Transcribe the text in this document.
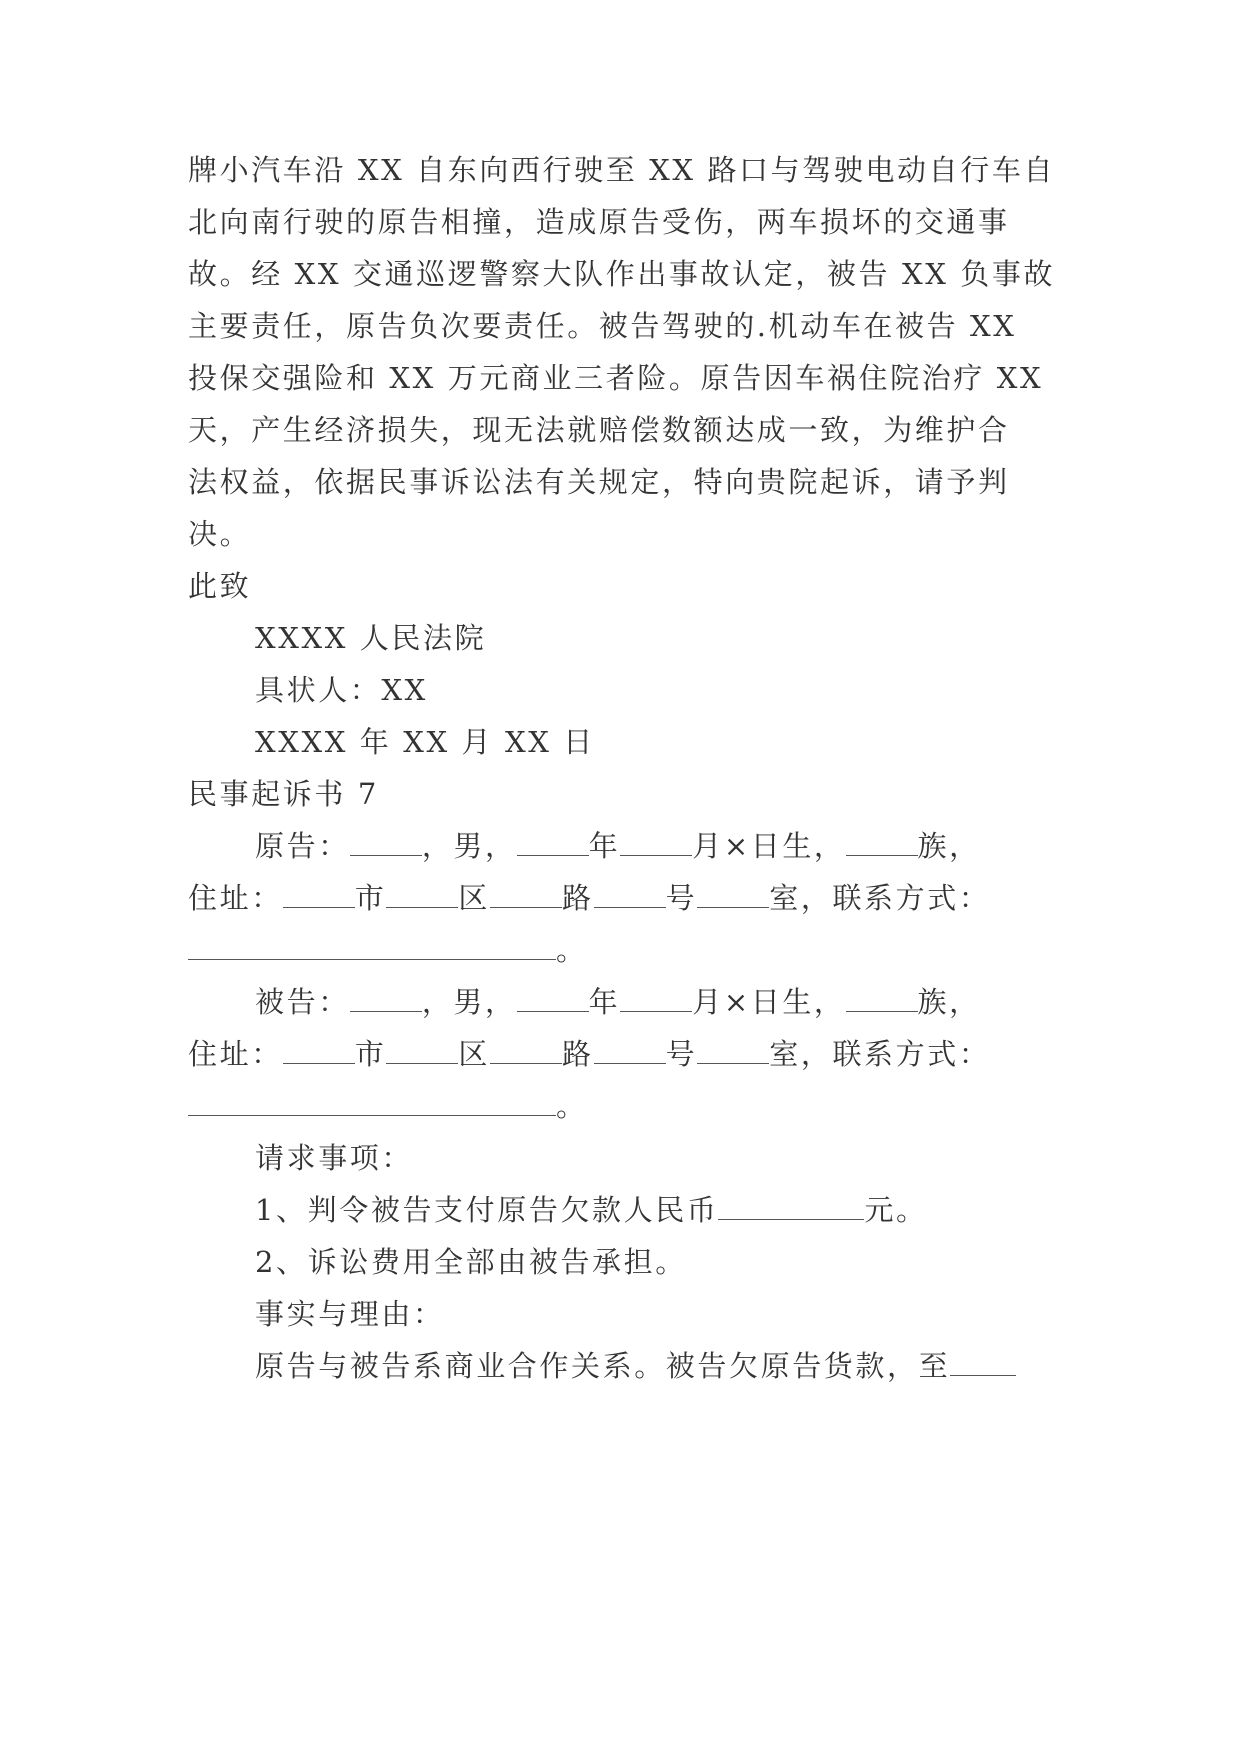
牌小汽车沿 XX 自东向西行驶至 XX 路口与驾驶电动自行车自
北向南行驶的原告相撞，造成原告受伤，两车损坏的交通事
故。经 XX 交通巡逻警察大队作出事故认定，被告 XX 负事故
主要责任，原告负次要责任。被告驾驶的.机动车在被告 XX
投保交强险和 XX 万元商业三者险。原告因车祸住院治疗 XX
天，产生经济损失，现无法就赔偿数额达成一致，为维护合
法权益，依据民事诉讼法有关规定，特向贵院起诉，请予判
决。
此致
XXXX 人民法院
具状人：XX
XXXX 年 XX 月 XX 日
民事起诉书 7
原告： ，男， 年 月×日生， 族，
住址： 市 区 路 号 室，联系方式：
。
被告： ，男， 年 月×日生， 族，
住址： 市 区 路 号 室，联系方式：
。
请求事项：
1、判令被告支付原告欠款人民币	元。
2、诉讼费用全部由被告承担。
事实与理由：
原告与被告系商业合作关系。被告欠原告货款，至
